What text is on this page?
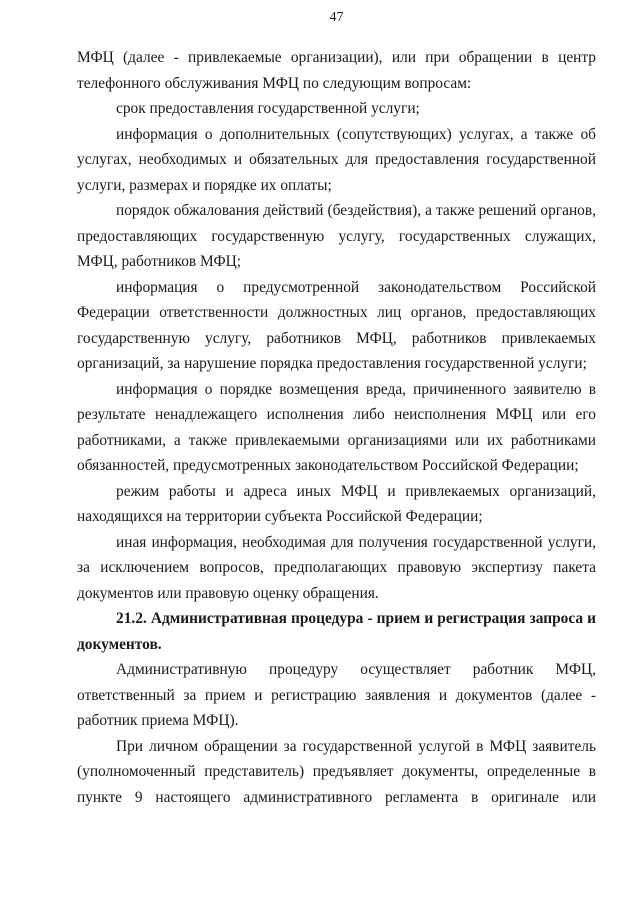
47

МФЦ (далее - привлекаемые организации), или при обращении в центр телефонного обслуживания МФЦ по следующим вопросам:

срок предоставления государственной услуги;

информация о дополнительных (сопутствующих) услугах, а также об услугах, необходимых и обязательных для предоставления государственной услуги, размерах и порядке их оплаты;

порядок обжалования действий (бездействия), а также решений органов, предоставляющих государственную услугу, государственных служащих, МФЦ, работников МФЦ;

информация о предусмотренной законодательством Российской Федерации ответственности должностных лиц органов, предоставляющих государственную услугу, работников МФЦ, работников привлекаемых организаций, за нарушение порядка предоставления государственной услуги;

информация о порядке возмещения вреда, причиненного заявителю в результате ненадлежащего исполнения либо неисполнения МФЦ или его работниками, а также привлекаемыми организациями или их работниками обязанностей, предусмотренных законодательством Российской Федерации;

режим работы и адреса иных МФЦ и привлекаемых организаций, находящихся на территории субъекта Российской Федерации;

иная информация, необходимая для получения государственной услуги, за исключением вопросов, предполагающих правовую экспертизу пакета документов или правовую оценку обращения.

21.2. Административная процедура - прием и регистрация запроса и документов.

Административную процедуру осуществляет работник МФЦ, ответственный за прием и регистрацию заявления и документов (далее - работник приема МФЦ).

При личном обращении за государственной услугой в МФЦ заявитель (уполномоченный представитель) предъявляет документы, определенные в пункте 9 настоящего административного регламента в оригинале или
